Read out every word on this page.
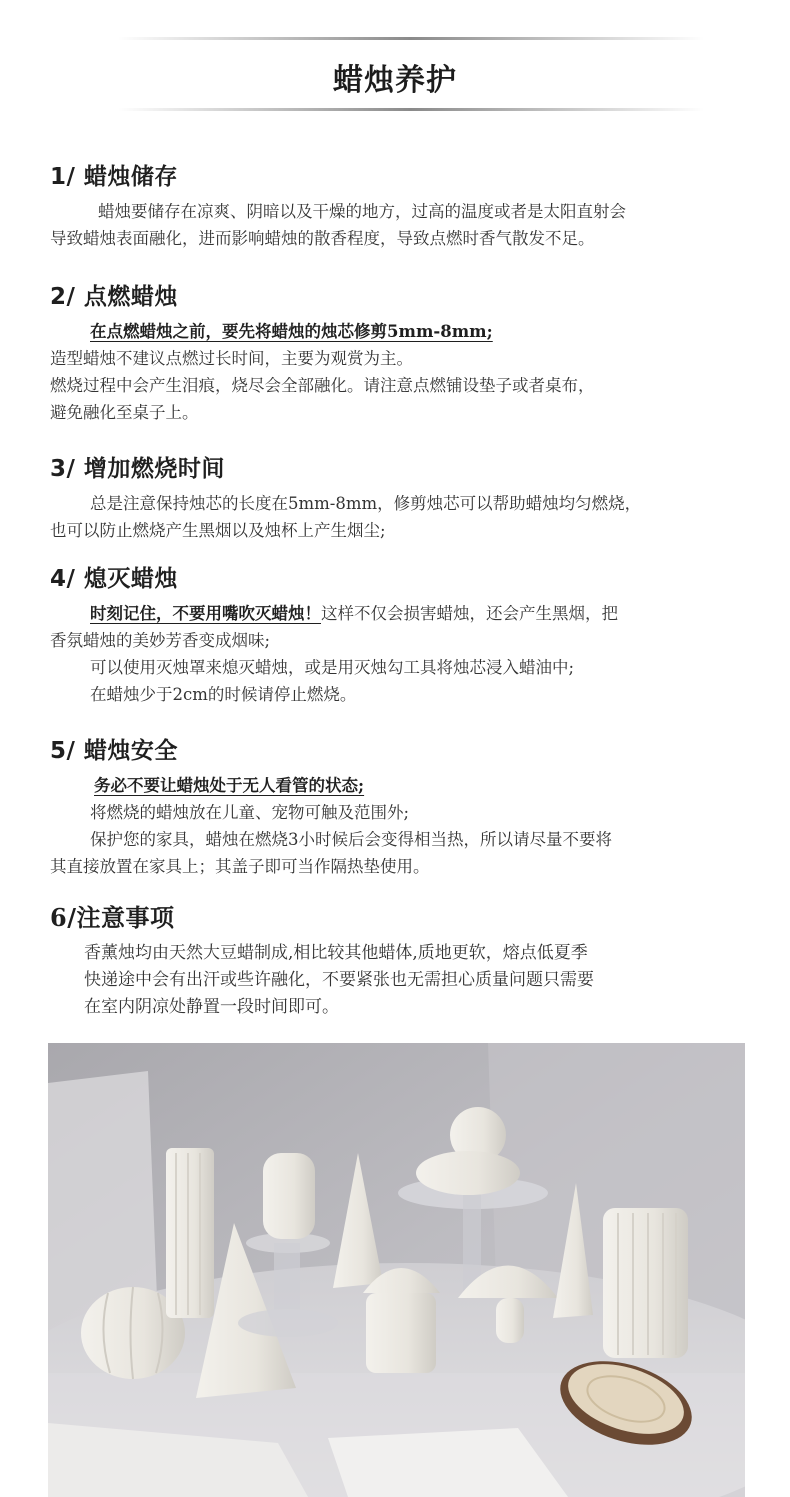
蜡烛养护
1/ 蜡烛储存
蜡烛要储存在凉爽、阴暗以及干燥的地方，过高的温度或者是太阳直射会
导致蜡烛表面融化，进而影响蜡烛的散香程度，导致点燃时香气散发不足。
2/ 点燃蜡烛
在点燃蜡烛之前，要先将蜡烛的烛芯修剪5mm-8mm;
造型蜡烛不建议点燃过长时间，主要为观赏为主。
燃烧过程中会产生泪痕，烧尽会全部融化。请注意点燃铺设垫子或者桌布，
避免融化至桌子上。
3/ 增加燃烧时间
总是注意保持烛芯的长度在5mm-8mm，修剪烛芯可以帮助蜡烛均匀燃烧，
也可以防止燃烧产生黑烟以及烛杯上产生烟尘;
4/ 熄灭蜡烛
时刻记住，不要用嘴吹灭蜡烛！这样不仅会损害蜡烛，还会产生黑烟，把
香氛蜡烛的美妙芳香变成烟味;
可以使用灭烛罩来熄灭蜡烛，或是用灭烛勾工具将烛芯浸入蜡油中;
在蜡烛少于2cm的时候请停止燃烧。
5/ 蜡烛安全
务必不要让蜡烛处于无人看管的状态;
将燃烧的蜡烛放在儿童、宠物可触及范围外;
保护您的家具，蜡烛在燃烧3小时候后会变得相当热，所以请尽量不要将
其直接放置在家具上；其盖子即可当作隔热垫使用。
6/注意事项
香薰烛均由天然大豆蜡制成,相比较其他蜡体,质地更软，熔点低夏季
快递途中会有出汗或些许融化，不要紧张也无需担心质量问题只需要
在室内阴凉处静置一段时间即可。
